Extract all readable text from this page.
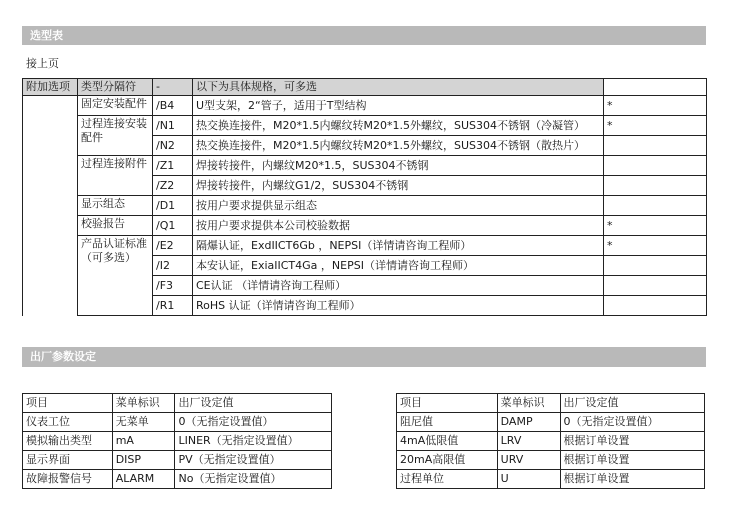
选型表
接上页
附加选项	类型分隔符	-	以下为具体规格，可多选	
	固定安装配件	/B4	U型支架，2“管子，适用于T型结构	*
	过程连接安装配件	/N1	热交换连接件，M20*1.5内螺纹转M20*1.5外螺纹，SUS304不锈钢（冷凝管）	*
		/N2	热交换连接件，M20*1.5内螺纹转M20*1.5外螺纹，SUS304不锈钢（散热片）	
	过程连接附件	/Z1	焊接转接件，内螺纹M20*1.5，SUS304不锈钢	
		/Z2	焊接转接件，内螺纹G1/2，SUS304不锈钢	
	显示组态	/D1	按用户要求提供显示组态	
	校验报告	/Q1	按用户要求提供本公司校验数据	*
	产品认证标准（可多选）	/E2	隔爆认证，ExdIICT6Gb ，NEPSI（详情请咨询工程师）	*
		/I2	本安认证，ExiaIICT4Ga ，NEPSI（详情请咨询工程师）	
		/F3	CE认证 （详情请咨询工程师）	
		/R1	RoHS 认证（详情请咨询工程师）	
出厂参数设定
项目	菜单标识	出厂设定值
仪表工位	无菜单	0（无指定设置值）
模拟输出类型	mA	LINER（无指定设置值）
显示界面	DISP	PV（无指定设置值）
故障报警信号	ALARM	No（无指定设置值）
项目	菜单标识	出厂设定值
阻尼值	DAMP	0（无指定设置值）
4mA低限值	LRV	根据订单设置
20mA高限值	URV	根据订单设置
过程单位	U	根据订单设置
